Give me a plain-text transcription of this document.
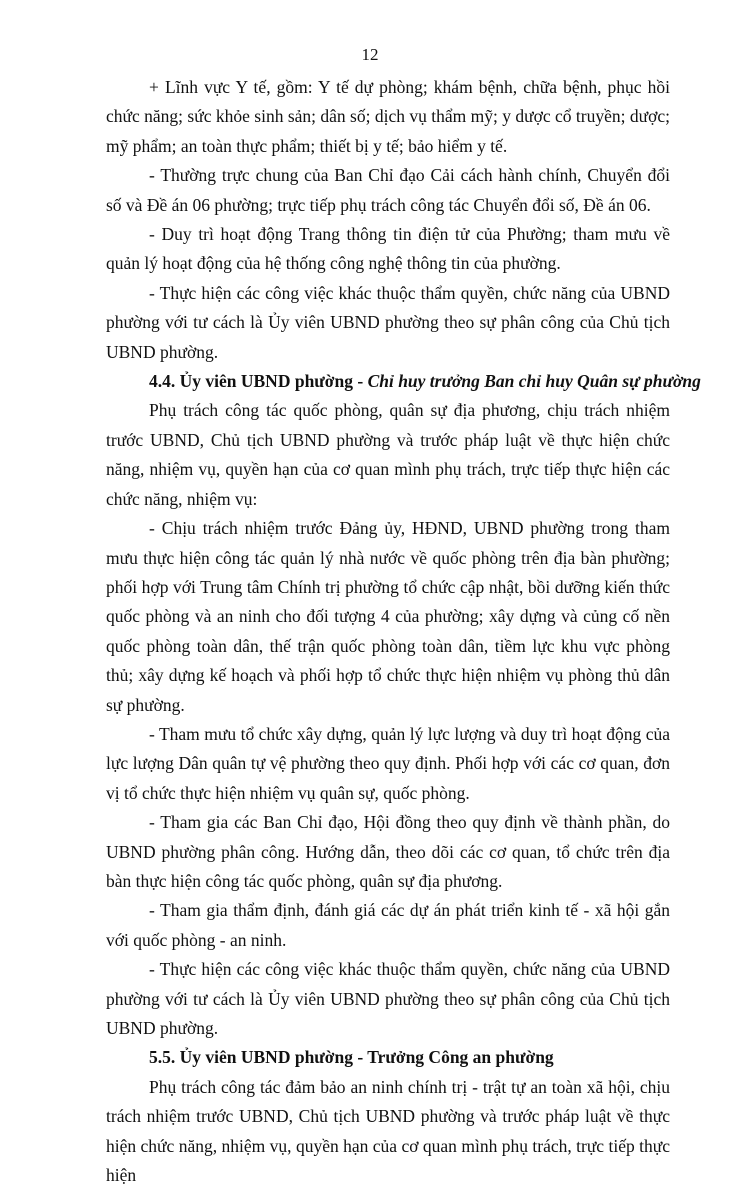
12

+ Lĩnh vực Y tế, gồm: Y tế dự phòng; khám bệnh, chữa bệnh, phục hồi chức năng; sức khỏe sinh sản; dân số; dịch vụ thẩm mỹ; y dược cổ truyền; dược; mỹ phẩm; an toàn thực phẩm; thiết bị y tế; bảo hiểm y tế.

- Thường trực chung của Ban Chỉ đạo Cải cách hành chính, Chuyển đổi số và Đề án 06 phường; trực tiếp phụ trách công tác Chuyển đổi số, Đề án 06.

- Duy trì hoạt động Trang thông tin điện tử của Phường; tham mưu về quản lý hoạt động của hệ thống công nghệ thông tin của phường.

- Thực hiện các công việc khác thuộc thẩm quyền, chức năng của UBND phường với tư cách là Ủy viên UBND phường theo sự phân công của Chủ tịch UBND phường.

4.4. Ủy viên UBND phường - Chỉ huy trưởng Ban chỉ huy Quân sự phường

Phụ trách công tác quốc phòng, quân sự địa phương, chịu trách nhiệm trước UBND, Chủ tịch UBND phường và trước pháp luật về thực hiện chức năng, nhiệm vụ, quyền hạn của cơ quan mình phụ trách, trực tiếp thực hiện các chức năng, nhiệm vụ:

- Chịu trách nhiệm trước Đảng ủy, HĐND, UBND phường trong tham mưu thực hiện công tác quản lý nhà nước về quốc phòng trên địa bàn phường; phối hợp với Trung tâm Chính trị phường tổ chức cập nhật, bồi dưỡng kiến thức quốc phòng và an ninh cho đối tượng 4 của phường; xây dựng và củng cố nền quốc phòng toàn dân, thế trận quốc phòng toàn dân, tiềm lực khu vực phòng thủ; xây dựng kế hoạch và phối hợp tổ chức thực hiện nhiệm vụ phòng thủ dân sự phường.

- Tham mưu tổ chức xây dựng, quản lý lực lượng và duy trì hoạt động của lực lượng Dân quân tự vệ phường theo quy định. Phối hợp với các cơ quan, đơn vị tổ chức thực hiện nhiệm vụ quân sự, quốc phòng.

- Tham gia các Ban Chỉ đạo, Hội đồng theo quy định về thành phần, do UBND phường phân công. Hướng dẫn, theo dõi các cơ quan, tổ chức trên địa bàn thực hiện công tác quốc phòng, quân sự địa phương.

- Tham gia thẩm định, đánh giá các dự án phát triển kinh tế - xã hội gắn với quốc phòng - an ninh.

- Thực hiện các công việc khác thuộc thẩm quyền, chức năng của UBND phường với tư cách là Ủy viên UBND phường theo sự phân công của Chủ tịch UBND phường.

5.5. Ủy viên UBND phường - Trưởng Công an phường

Phụ trách công tác đảm bảo an ninh chính trị - trật tự an toàn xã hội, chịu trách nhiệm trước UBND, Chủ tịch UBND phường và trước pháp luật về thực hiện chức năng, nhiệm vụ, quyền hạn của cơ quan mình phụ trách, trực tiếp thực hiện
